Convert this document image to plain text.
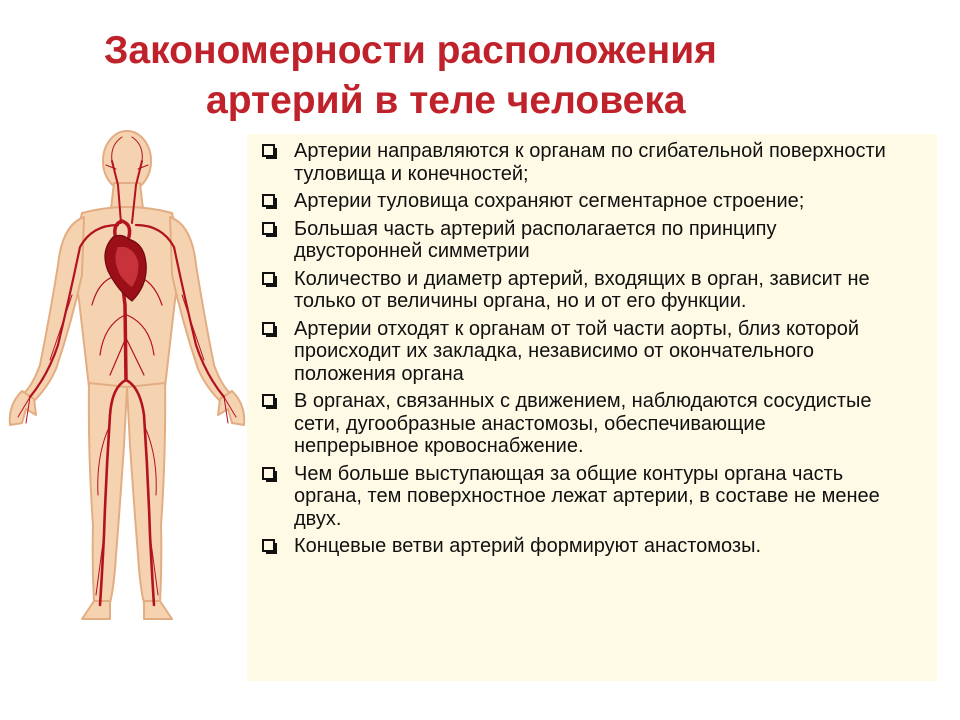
Закономерности расположения
артерий в теле человека
Артерии направляются к органам по сгибательной поверхности туловища и конечностей;
Артерии туловища сохраняют сегментарное строение;
Большая часть артерий располагается по принципу двусторонней симметрии
Количество и диаметр артерий, входящих в орган, зависит не только от величины органа, но и от его функции.
Артерии отходят к органам от той части аорты, близ которой происходит их закладка, независимо от окончательного положения органа
В органах, связанных с движением, наблюдаются сосудистые сети, дугообразные анастомозы, обеспечивающие непрерывное кровоснабжение.
Чем больше выступающая за общие контуры органа часть органа, тем поверхностное лежат артерии, в составе не менее двух.
Концевые ветви артерий формируют анастомозы.
